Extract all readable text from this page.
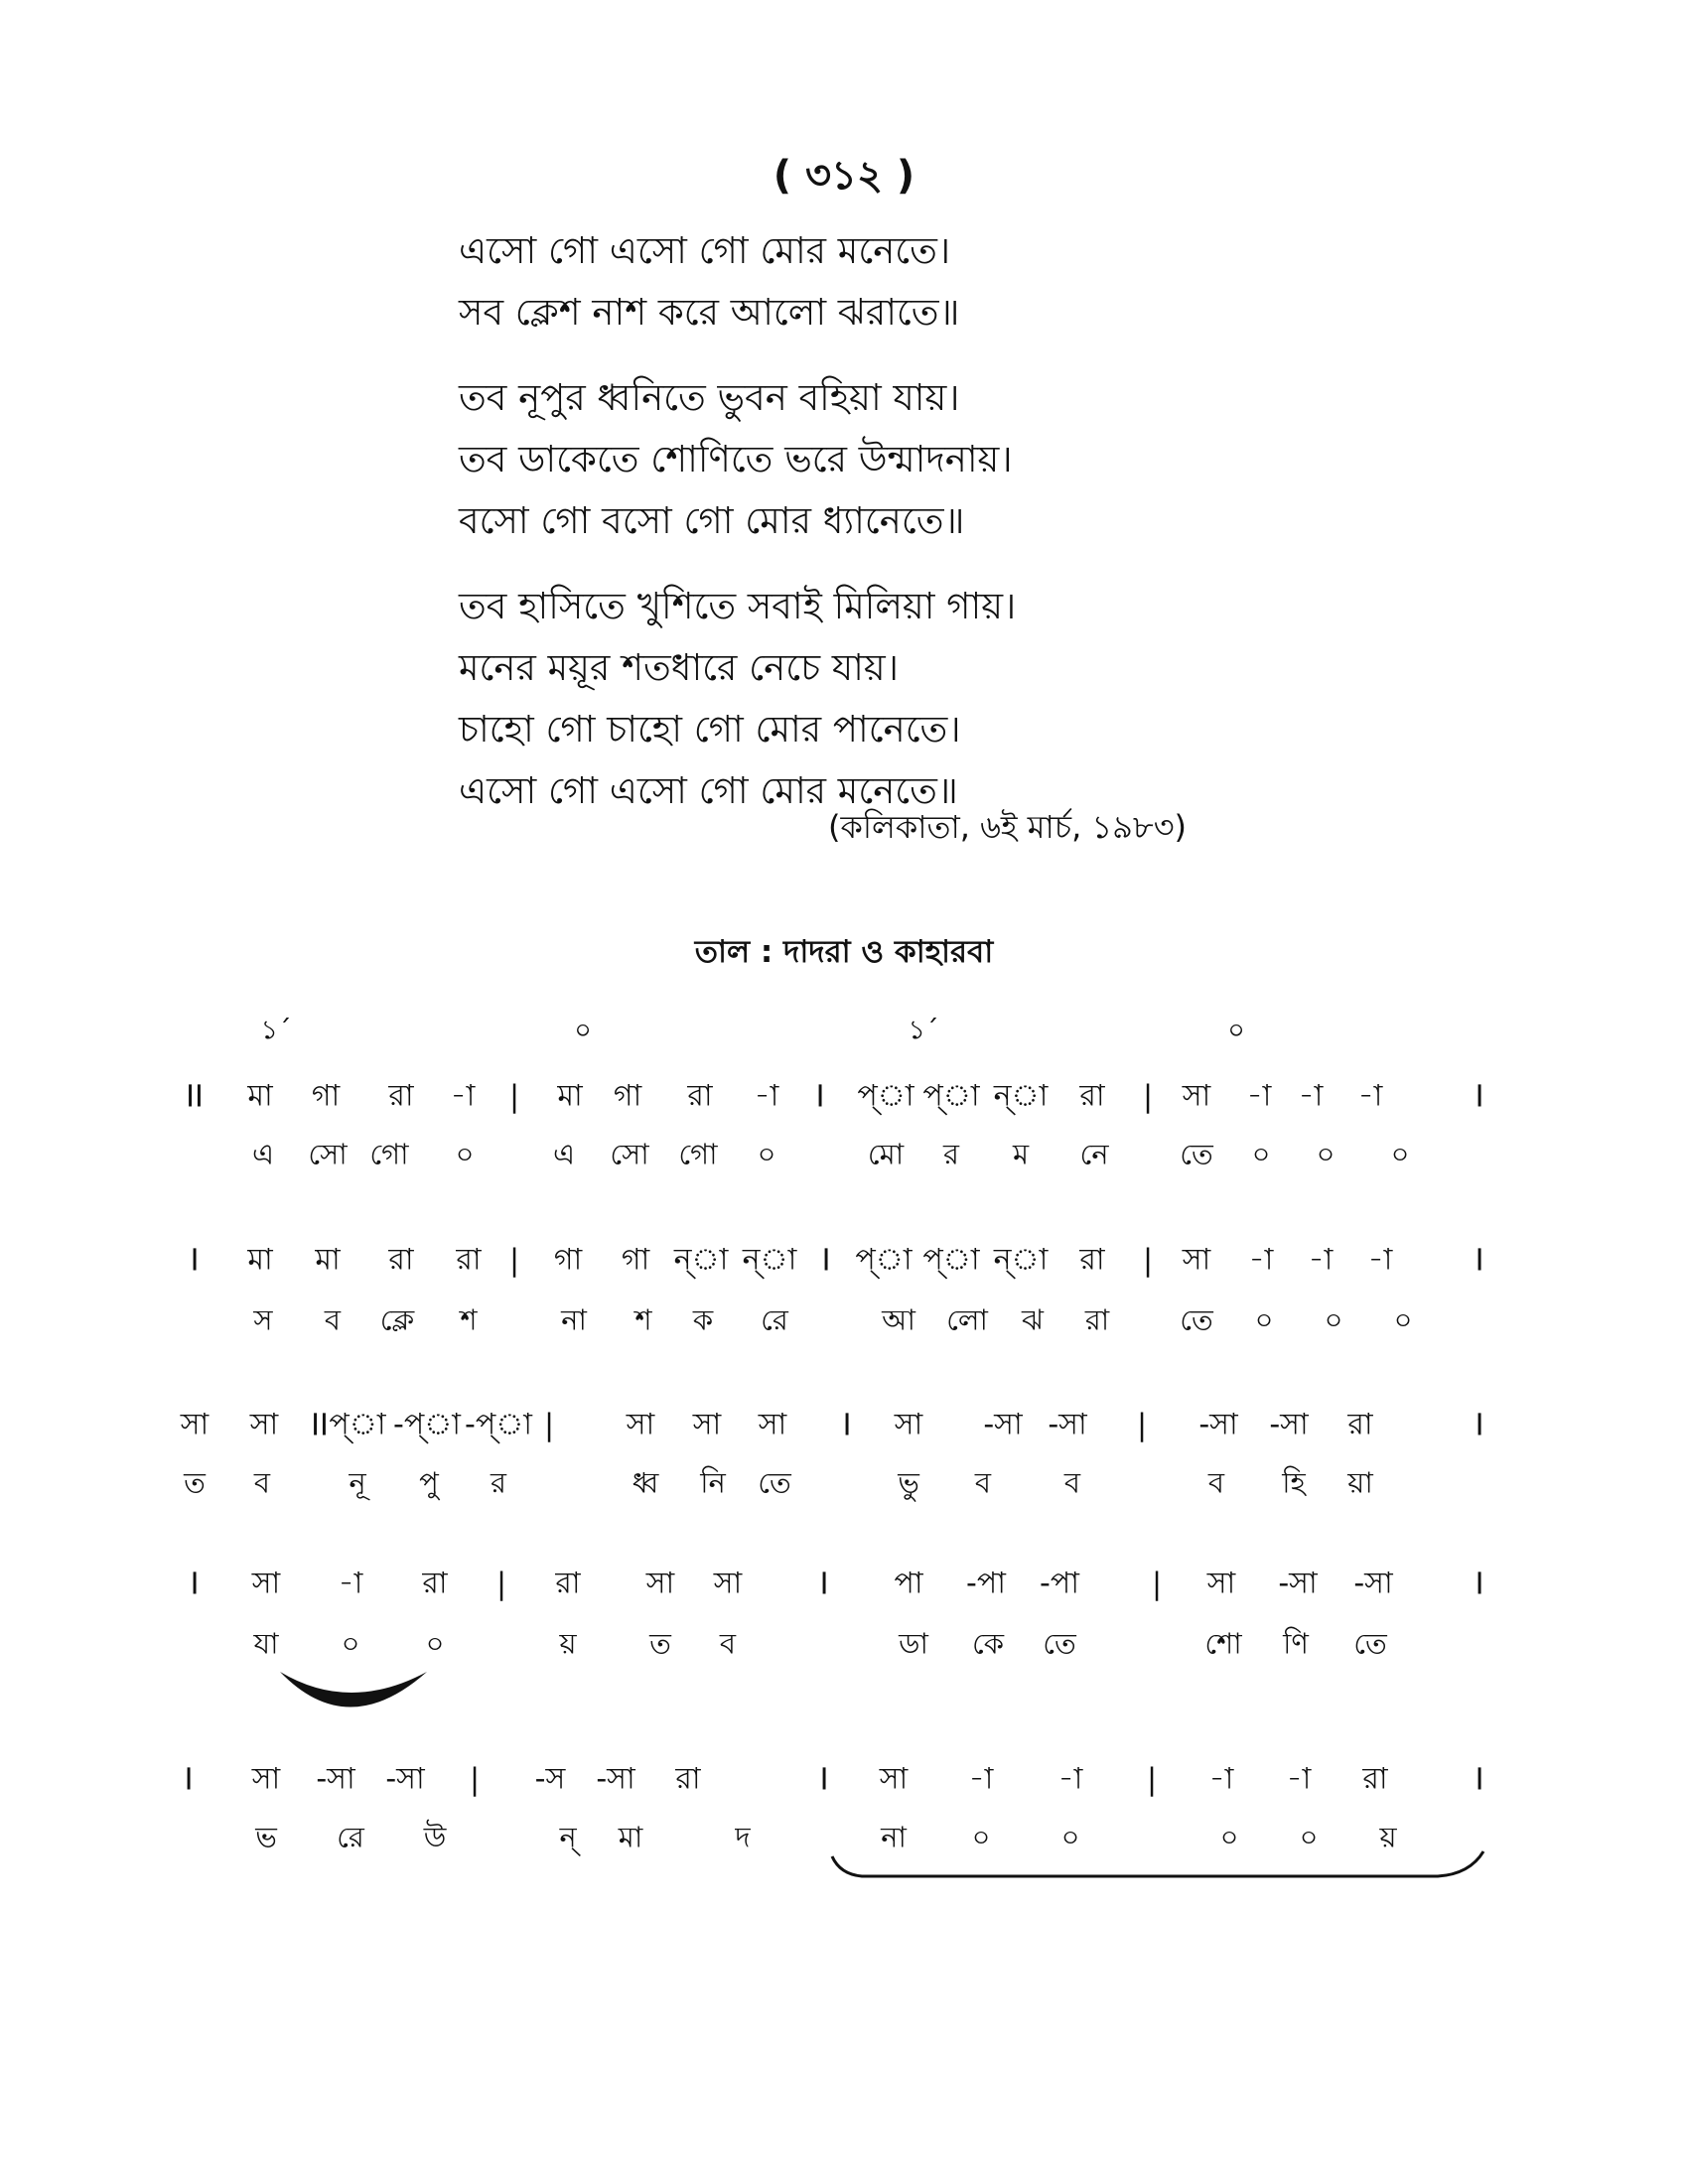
( ৩১২ )
এসো গো এসো গো মোর মনেতে।
সব ক্লেশ নাশ করে আলো ঝরাতে॥
তব নূপুর ধ্বনিতে ভুবন বহিয়া যায়।
তব ডাকেতে শোণিতে ভরে উন্মাদনায়।
বসো গো বসো গো মোর ধ্যানেতে॥
তব হাসিতে খুশিতে সবাই মিলিয়া গায়।
মনের ময়ূর শতধারে নেচে যায়।
চাহো গো চাহো গো মোর পানেতে।
এসো গো এসো গো মোর মনেতে॥
(কলিকাতা, ৬ই মার্চ, ১৯৮৩)
তাল : দাদরা ও কাহারবা
১´	০	১´	০
II মা গা রা -া | মা গা রা -া I প্া প্া ন্া রা | সা -া -া -া	I
এ সো গো ০	এ সো গো ০	মো র ম নে তে ০ ০ ০
I মা মা রা রা | গা গা ন্া ন্া I প্া প্া ন্া রা | সা -া -া -া	I
স ব ক্লে শ	না শ ক রে	আ লো ঝ রা তে ০ ০ ০
সা সা II প্া -প্া -প্া | সা সা সা I সা -সা -সা | -সা -সা রা	I
ত ব	নূ পু র	ধ্ব নি তে	ভু ব	ব	ব হি য়া
I সা -া রা | রা সা সা	I পা -পা -পা | সা -সা -সা	I
যা ০ ০	য়	ত ব	ডা কে তে	শো ণি তে
I সা -সা -সা | -স -সা রা	I সা -া -া | -া -া রা	I
ভ রে উ	ন্ মা	দ	না ০ ০	০ ০ য়
